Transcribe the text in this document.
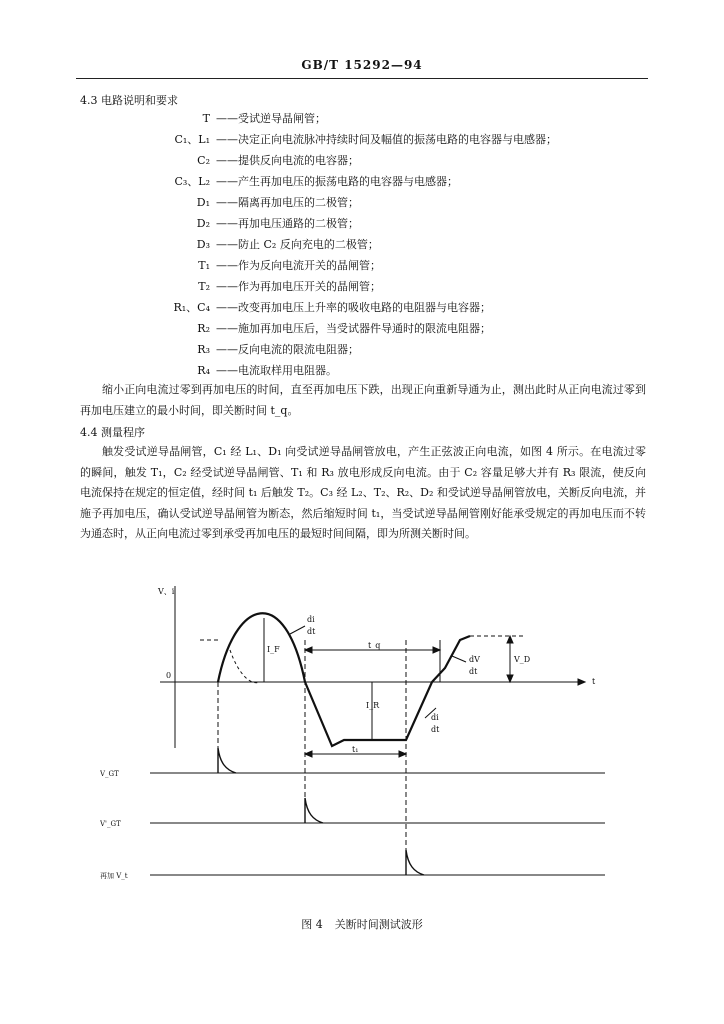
GB/T 15292—94
4.3 电路说明和要求
T ——受试逆导晶闸管；
C₁、L₁ ——决定正向电流脉冲持续时间及幅值的振荡电路的电容器与电感器；
C₂ ——提供反向电流的电容器；
C₃、L₂ ——产生再加电压的振荡电路的电容器与电感器；
D₁ ——隔离再加电压的二极管；
D₂ ——再加电压通路的二极管；
D₃ ——防止 C₂ 反向充电的二极管；
T₁ ——作为反向电流开关的晶闸管；
T₂ ——作为再加电压开关的晶闸管；
R₁、C₄ ——改变再加电压上升率的吸收电路的电阻器与电容器；
R₂ ——施加再加电压后，当受试器件导通时的限流电阻器；
R₃ ——反向电流的限流电阻器；
R₄ ——电流取样用电阻器。
缩小正向电流过零到再加电压的时间，直至再加电压下跌，出现正向重新导通为止，测出此时从正向电流过零到再加电压建立的最小时间，即关断时间 t_q。
4.4 测量程序
触发受试逆导晶闸管，C₁ 经 L₁、D₁ 向受试逆导晶闸管放电，产生正弦波正向电流，如图 4 所示。在电流过零的瞬间，触发 T₁，C₂ 经受试逆导晶闸管、T₁ 和 R₃ 放电形成反向电流。由于 C₂ 容量足够大并有 R₃ 限流，使反向电流保持在规定的恒定值，经时间 t₁ 后触发 T₂。C₃ 经 L₂、T₂、R₂、D₂ 和受试逆导晶闸管放电，关断反向电流，并施予再加电压，确认受试逆导晶闸管为断态，然后缩短时间 t₁，当受试逆导晶闸管刚好能承受规定的再加电压而不转为通态时，从正向电流过零到承受再加电压的最短时间间隔，即为所测关断时间。
V、i
t
0
I_F
I_R
t_q
t₁
V_D
di
dt
di
dt
dV
dt
V_GT
V'_GT
再加 V_t
图 4 关断时间测试波形
